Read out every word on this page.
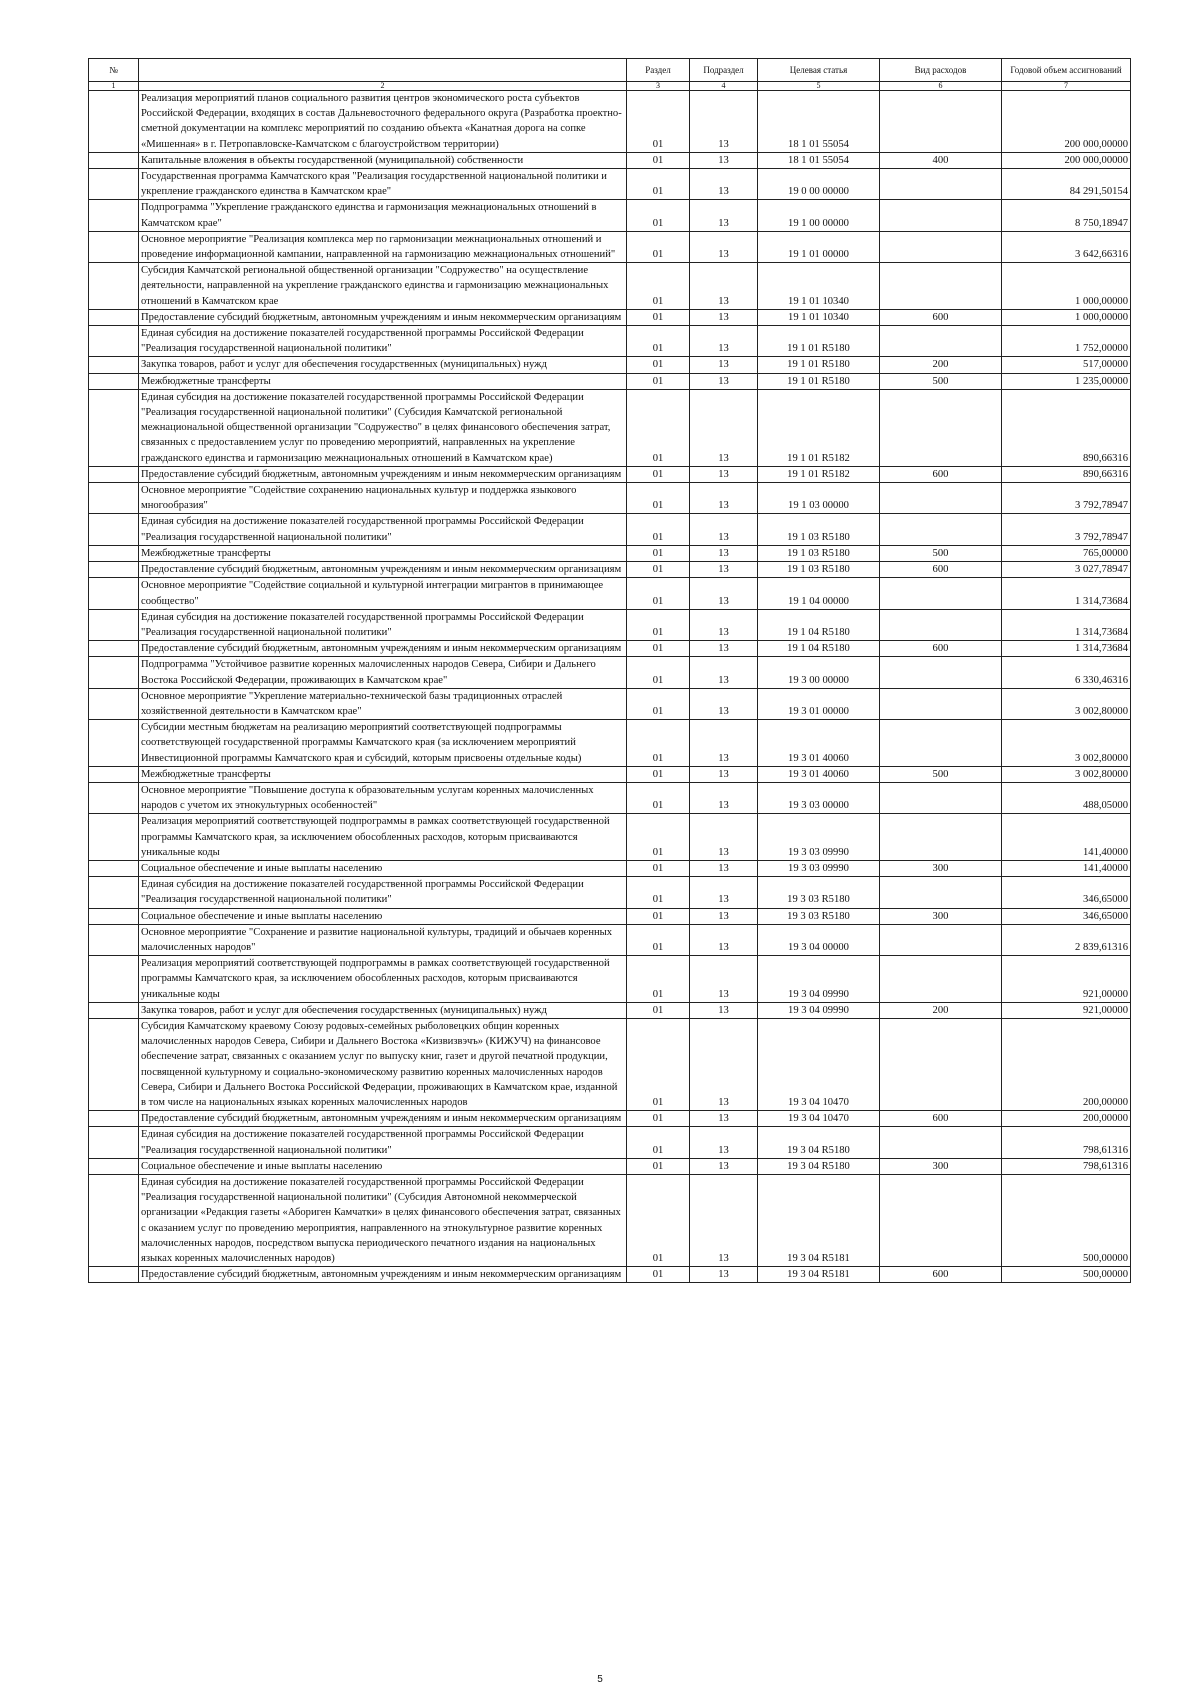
№		Раздел	Подраздел	Целевая статья	Вид расходов	Годовой объем ассигнований
1	2	3	4	5	6	7
	Реализация мероприятий планов социального развития центров экономического роста субъектов Российской Федерации, входящих в состав Дальневосточного федерального округа (Разработка проектно-сметной документации на комплекс мероприятий по созданию объекта «Канатная дорога на сопке «Мишенная» в г. Петропавловске-Камчатском с благоустройством территории)	01	13	18 1 01 55054		200 000,00000
	Капитальные вложения в объекты государственной (муниципальной) собственности	01	13	18 1 01 55054	400	200 000,00000
	Государственная программа Камчатского края "Реализация государственной национальной политики и укрепление гражданского единства в Камчатском крае"	01	13	19 0 00 00000		84 291,50154
	Подпрограмма "Укрепление гражданского единства и гармонизация межнациональных отношений в Камчатском крае"	01	13	19 1 00 00000		8 750,18947
	Основное мероприятие "Реализация комплекса мер по гармонизации межнациональных отношений и проведение информационной кампании, направленной на гармонизацию межнациональных отношений"	01	13	19 1 01 00000		3 642,66316
	Субсидия Камчатской региональной общественной организации "Содружество" на осуществление деятельности, направленной на укрепление гражданского единства и гармонизацию межнациональных отношений в Камчатском крае	01	13	19 1 01 10340		1 000,00000
	Предоставление субсидий бюджетным, автономным учреждениям и иным некоммерческим организациям	01	13	19 1 01 10340	600	1 000,00000
	Единая субсидия на достижение показателей государственной программы Российской Федерации "Реализация государственной национальной политики"	01	13	19 1 01 R5180		1 752,00000
	Закупка товаров, работ и услуг для обеспечения государственных (муниципальных) нужд	01	13	19 1 01 R5180	200	517,00000
	Межбюджетные трансферты	01	13	19 1 01 R5180	500	1 235,00000
	Единая субсидия на достижение показателей государственной программы Российской Федерации "Реализация государственной национальной политики" (Субсидия Камчатской региональной межнациональной общественной организации "Содружество" в целях финансового обеспечения затрат, связанных с предоставлением услуг по проведению мероприятий, направленных на укрепление гражданского единства и гармонизацию межнациональных отношений в Камчатском крае)	01	13	19 1 01 R5182		890,66316
	Предоставление субсидий бюджетным, автономным учреждениям и иным некоммерческим организациям	01	13	19 1 01 R5182	600	890,66316
	Основное мероприятие "Содействие сохранению национальных культур и поддержка языкового многообразия"	01	13	19 1 03 00000		3 792,78947
	Единая субсидия на достижение показателей государственной программы Российской Федерации "Реализация государственной национальной политики"	01	13	19 1 03 R5180		3 792,78947
	Межбюджетные трансферты	01	13	19 1 03 R5180	500	765,00000
	Предоставление субсидий бюджетным, автономным учреждениям и иным некоммерческим организациям	01	13	19 1 03 R5180	600	3 027,78947
	Основное мероприятие "Содействие социальной и культурной интеграции мигрантов в принимающее сообщество"	01	13	19 1 04 00000		1 314,73684
	Единая субсидия на достижение показателей государственной программы Российской Федерации "Реализация государственной национальной политики"	01	13	19 1 04 R5180		1 314,73684
	Предоставление субсидий бюджетным, автономным учреждениям и иным некоммерческим организациям	01	13	19 1 04 R5180	600	1 314,73684
	Подпрограмма "Устойчивое развитие коренных малочисленных народов Севера, Сибири и Дальнего Востока Российской Федерации, проживающих в Камчатском крае"	01	13	19 3 00 00000		6 330,46316
	Основное мероприятие "Укрепление материально-технической базы традиционных отраслей хозяйственной деятельности в Камчатском крае"	01	13	19 3 01 00000		3 002,80000
	Субсидии местным бюджетам на реализацию мероприятий соответствующей подпрограммы соответствующей государственной программы Камчатского края (за исключением мероприятий Инвестиционной программы Камчатского края и субсидий, которым присвоены отдельные коды)	01	13	19 3 01 40060		3 002,80000
	Межбюджетные трансферты	01	13	19 3 01 40060	500	3 002,80000
	Основное мероприятие "Повышение доступа к образовательным услугам коренных малочисленных народов с учетом их этнокультурных особенностей"	01	13	19 3 03 00000		488,05000
	Реализация мероприятий соответствующей подпрограммы в рамках соответствующей государственной программы Камчатского края, за исключением обособленных расходов, которым присваиваются уникальные коды	01	13	19 3 03 09990		141,40000
	Социальное обеспечение и иные выплаты населению	01	13	19 3 03 09990	300	141,40000
	Единая субсидия на достижение показателей государственной программы Российской Федерации "Реализация государственной национальной политики"	01	13	19 3 03 R5180		346,65000
	Социальное обеспечение и иные выплаты населению	01	13	19 3 03 R5180	300	346,65000
	Основное мероприятие "Сохранение и развитие национальной культуры, традиций и обычаев коренных малочисленных народов"	01	13	19 3 04 00000		2 839,61316
	Реализация мероприятий соответствующей подпрограммы в рамках соответствующей государственной программы Камчатского края, за исключением обособленных расходов, которым присваиваются уникальные коды	01	13	19 3 04 09990		921,00000
	Закупка товаров, работ и услуг для обеспечения государственных (муниципальных) нужд	01	13	19 3 04 09990	200	921,00000
	Субсидия Камчатскому краевому Союзу родовых-семейных рыболовецких общин коренных малочисленных народов Севера, Сибири и Дальнего Востока «Кизвизвэчъ» (КИЖУЧ) на финансовое обеспечение затрат, связанных с оказанием услуг по выпуску книг, газет и другой печатной продукции, посвященной культурному и социально-экономическому развитию коренных малочисленных народов Севера, Сибири и Дальнего Востока Российской Федерации, проживающих в Камчатском крае, изданной в том числе на национальных языках коренных малочисленных народов	01	13	19 3 04 10470		200,00000
	Предоставление субсидий бюджетным, автономным учреждениям и иным некоммерческим организациям	01	13	19 3 04 10470	600	200,00000
	Единая субсидия на достижение показателей государственной программы Российской Федерации "Реализация государственной национальной политики"	01	13	19 3 04 R5180		798,61316
	Социальное обеспечение и иные выплаты населению	01	13	19 3 04 R5180	300	798,61316
	Единая субсидия на достижение показателей государственной программы Российской Федерации "Реализация государственной национальной политики" (Субсидия Автономной некоммерческой организации «Редакция газеты «Абориген Камчатки» в целях финансового обеспечения затрат, связанных с оказанием услуг по проведению мероприятия, направленного на этнокультурное развитие коренных малочисленных народов, посредством выпуска периодического печатного издания на национальных языках коренных малочисленных народов)	01	13	19 3 04 R5181		500,00000
	Предоставление субсидий бюджетным, автономным учреждениям и иным некоммерческим организациям	01	13	19 3 04 R5181	600	500,00000
5
